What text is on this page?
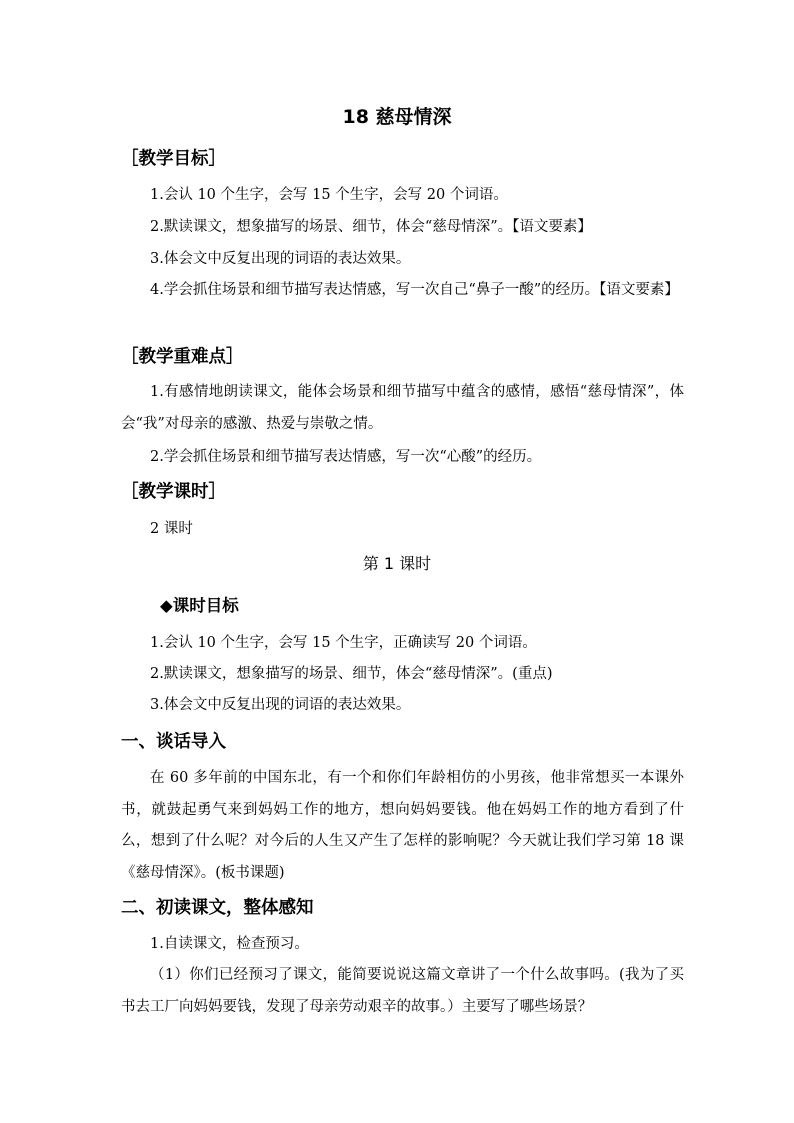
18 慈母情深
［教学目标］
1.会认 10 个生字，会写 15 个生字，会写 20 个词语。
2.默读课文，想象描写的场景、细节，体会“慈母情深”。【语文要素】
3.体会文中反复出现的词语的表达效果。
4.学会抓住场景和细节描写表达情感，写一次自己“鼻子一酸”的经历。【语文要素】
［教学重难点］
1.有感情地朗读课文，能体会场景和细节描写中蕴含的感情，感悟“慈母情深”，体会“我”对母亲的感激、热爱与崇敬之情。
2.学会抓住场景和细节描写表达情感，写一次“心酸”的经历。
［教学课时］
2 课时
第 1 课时
◆课时目标
1.会认 10 个生字，会写 15 个生字，正确读写 20 个词语。
2.默读课文，想象描写的场景、细节，体会“慈母情深”。(重点)
3.体会文中反复出现的词语的表达效果。
一、谈话导入
在 60 多年前的中国东北，有一个和你们年龄相仿的小男孩，他非常想买一本课外书，就鼓起勇气来到妈妈工作的地方，想向妈妈要钱。他在妈妈工作的地方看到了什么，想到了什么呢？对今后的人生又产生了怎样的影响呢？今天就让我们学习第 18 课《慈母情深》。(板书课题)
二、初读课文，整体感知
1.自读课文，检查预习。
（1）你们已经预习了课文，能简要说说这篇文章讲了一个什么故事吗。(我为了买书去工厂向妈妈要钱，发现了母亲劳动艰辛的故事。）主要写了哪些场景？
